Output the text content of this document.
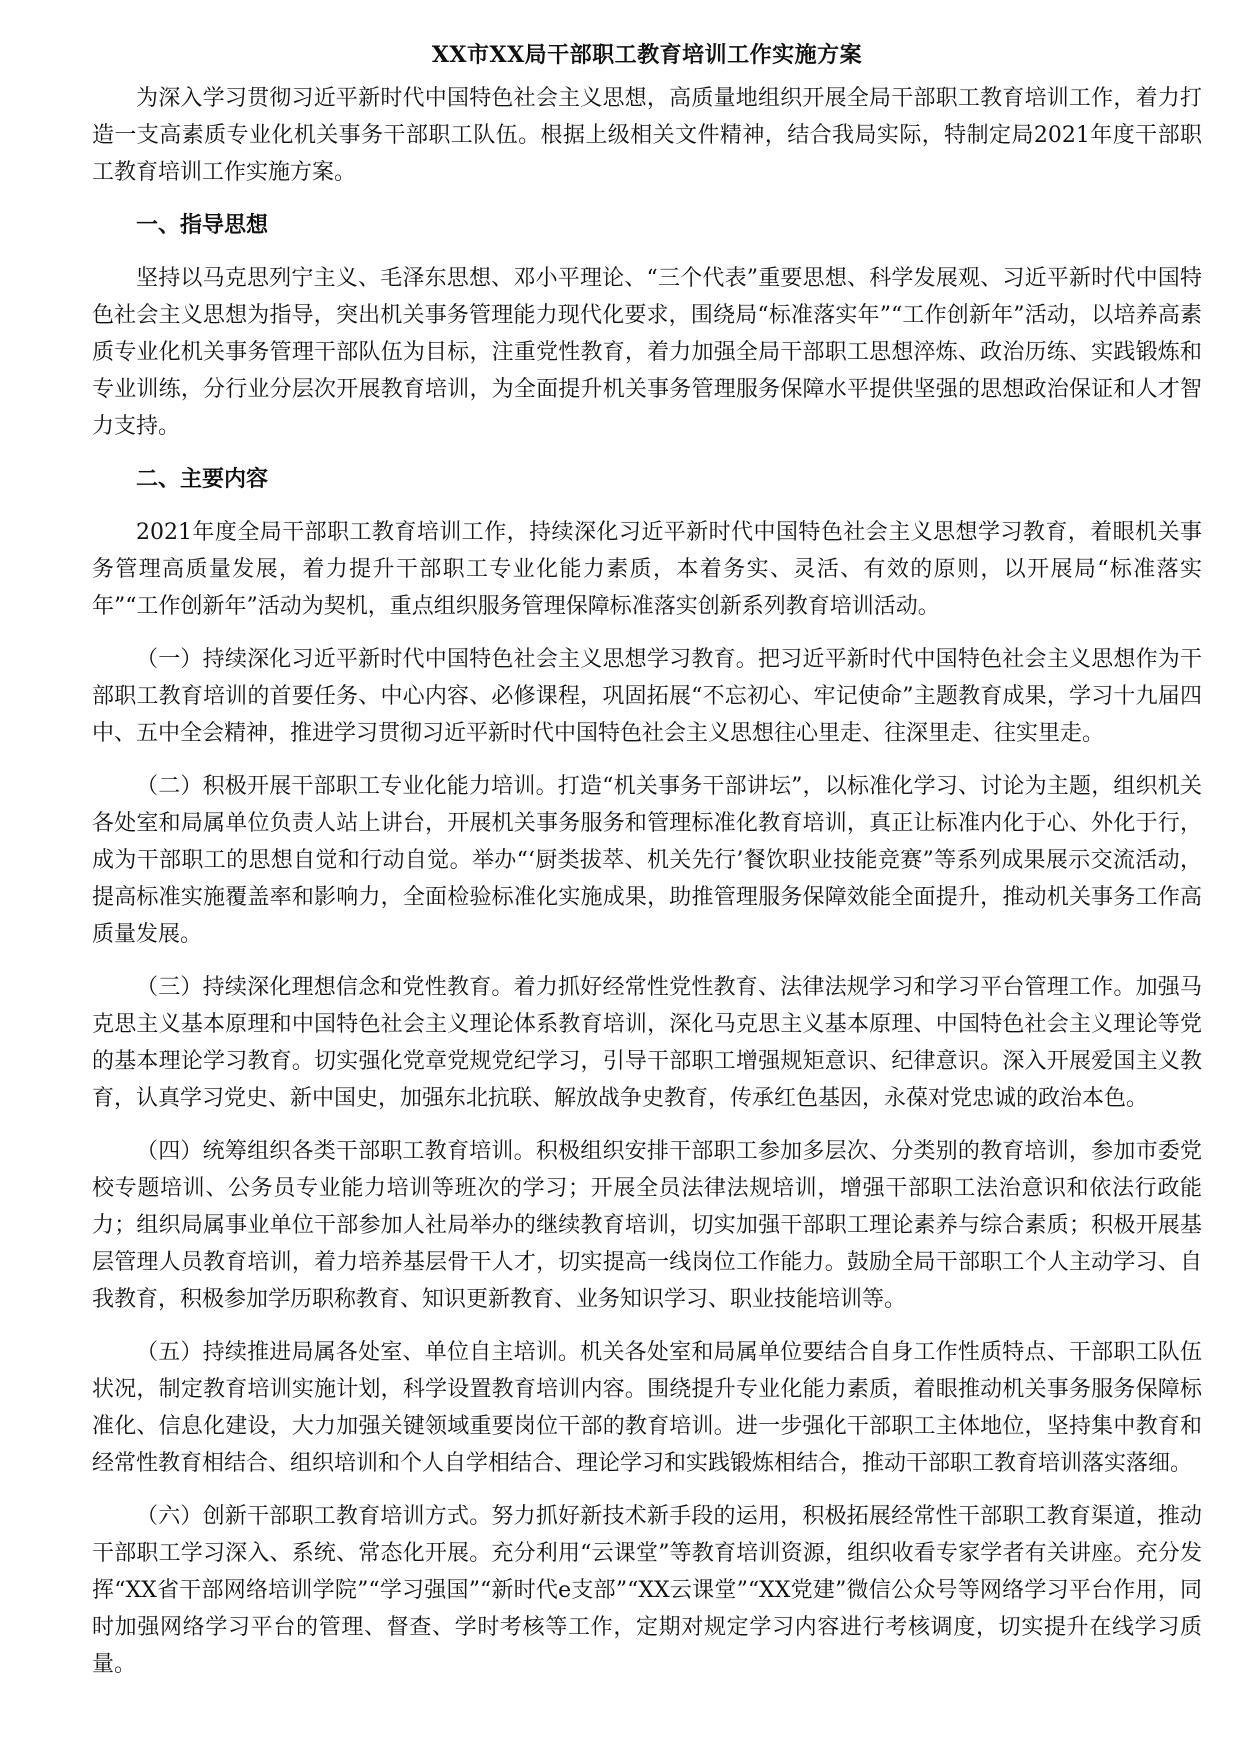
XX市XX局干部职工教育培训工作实施方案

为深入学习贯彻习近平新时代中国特色社会主义思想，高质量地组织开展全局干部职工教育培训工作，着力打造一支高素质专业化机关事务干部职工队伍。根据上级相关文件精神，结合我局实际，特制定局2021年度干部职工教育培训工作实施方案。

一、指导思想

坚持以马克思列宁主义、毛泽东思想、邓小平理论、“三个代表”重要思想、科学发展观、习近平新时代中国特色社会主义思想为指导，突出机关事务管理能力现代化要求，围绕局“标准落实年”“工作创新年”活动，以培养高素质专业化机关事务管理干部队伍为目标，注重党性教育，着力加强全局干部职工思想淬炼、政治历练、实践锻炼和专业训练，分行业分层次开展教育培训，为全面提升机关事务管理服务保障水平提供坚强的思想政治保证和人才智力支持。

二、主要内容

2021年度全局干部职工教育培训工作，持续深化习近平新时代中国特色社会主义思想学习教育，着眼机关事务管理高质量发展，着力提升干部职工专业化能力素质，本着务实、灵活、有效的原则，以开展局“标准落实年”“工作创新年”活动为契机，重点组织服务管理保障标准落实创新系列教育培训活动。

（一）持续深化习近平新时代中国特色社会主义思想学习教育。把习近平新时代中国特色社会主义思想作为干部职工教育培训的首要任务、中心内容、必修课程，巩固拓展“不忘初心、牢记使命”主题教育成果，学习十九届四中、五中全会精神，推进学习贯彻习近平新时代中国特色社会主义思想往心里走、往深里走、往实里走。

（二）积极开展干部职工专业化能力培训。打造“机关事务干部讲坛”，以标准化学习、讨论为主题，组织机关各处室和局属单位负责人站上讲台，开展机关事务服务和管理标准化教育培训，真正让标准内化于心、外化于行，成为干部职工的思想自觉和行动自觉。举办“‘厨类拔萃、机关先行’餐饮职业技能竞赛”等系列成果展示交流活动，提高标准实施覆盖率和影响力，全面检验标准化实施成果，助推管理服务保障效能全面提升，推动机关事务工作高质量发展。

（三）持续深化理想信念和党性教育。着力抓好经常性党性教育、法律法规学习和学习平台管理工作。加强马克思主义基本原理和中国特色社会主义理论体系教育培训，深化马克思主义基本原理、中国特色社会主义理论等党的基本理论学习教育。切实强化党章党规党纪学习，引导干部职工增强规矩意识、纪律意识。深入开展爱国主义教育，认真学习党史、新中国史，加强东北抗联、解放战争史教育，传承红色基因，永葆对党忠诚的政治本色。

（四）统筹组织各类干部职工教育培训。积极组织安排干部职工参加多层次、分类别的教育培训，参加市委党校专题培训、公务员专业能力培训等班次的学习；开展全员法律法规培训，增强干部职工法治意识和依法行政能力；组织局属事业单位干部参加人社局举办的继续教育培训，切实加强干部职工理论素养与综合素质；积极开展基层管理人员教育培训，着力培养基层骨干人才，切实提高一线岗位工作能力。鼓励全局干部职工个人主动学习、自我教育，积极参加学历职称教育、知识更新教育、业务知识学习、职业技能培训等。

（五）持续推进局属各处室、单位自主培训。机关各处室和局属单位要结合自身工作性质特点、干部职工队伍状况，制定教育培训实施计划，科学设置教育培训内容。围绕提升专业化能力素质，着眼推动机关事务服务保障标准化、信息化建设，大力加强关键领域重要岗位干部的教育培训。进一步强化干部职工主体地位，坚持集中教育和经常性教育相结合、组织培训和个人自学相结合、理论学习和实践锻炼相结合，推动干部职工教育培训落实落细。

（六）创新干部职工教育培训方式。努力抓好新技术新手段的运用，积极拓展经常性干部职工教育渠道，推动干部职工学习深入、系统、常态化开展。充分利用“云课堂”等教育培训资源，组织收看专家学者有关讲座。充分发挥“XX省干部网络培训学院”“学习强国”“新时代e支部”“XX云课堂”“XX党建”微信公众号等网络学习平台作用，同时加强网络学习平台的管理、督查、学时考核等工作，定期对规定学习内容进行考核调度，切实提升在线学习质量。
